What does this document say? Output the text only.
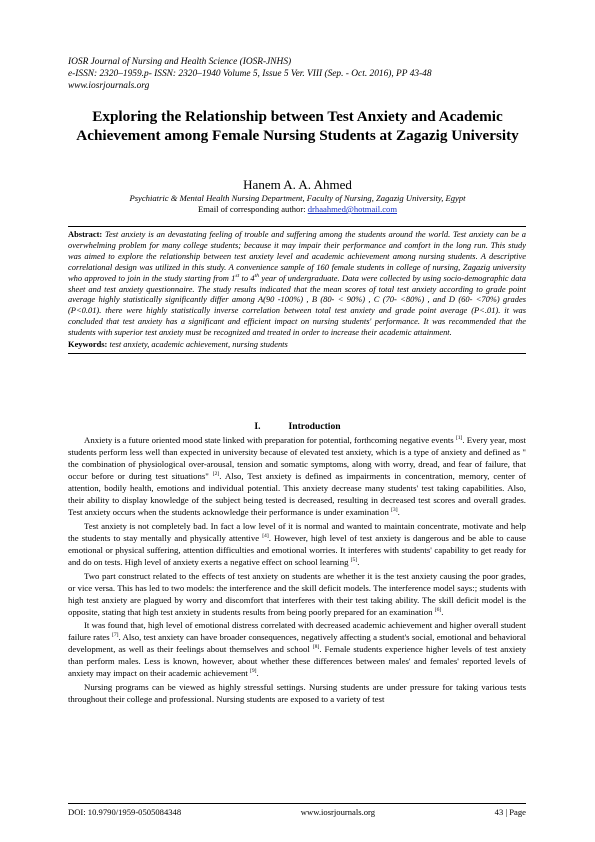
IOSR Journal of Nursing and Health Science (IOSR-JNHS)
e-ISSN: 2320–1959.p- ISSN: 2320–1940 Volume 5, Issue 5 Ver. VIII (Sep. - Oct. 2016), PP 43-48
www.iosrjournals.org
Exploring the Relationship between Test Anxiety and Academic Achievement among Female Nursing Students at Zagazig University
Hanem A. A. Ahmed
Psychiatric & Mental Health Nursing Department, Faculty of Nursing, Zagazig University, Egypt
Email of corresponding author: drhaahmed@hotmail.com
Abstract: Test anxiety is an devastating feeling of trouble and suffering among the students around the world. Test anxiety can be a overwhelming problem for many college students; because it may impair their performance and comfort in the long run. This study was aimed to explore the relationship between test anxiety level and academic achievement among nursing students. A descriptive correlational design was utilized in this study. A convenience sample of 160 female students in college of nursing, Zagazig university who approved to join in the study starting from 1st to 4th year of undergraduate. Data were collected by using socio-demographic data sheet and test anxiety questionnaire. The study results indicated that the mean scores of total test anxiety according to grade point average highly statistically significantly differ among A(90 -100%) , B (80- < 90%) , C (70- <80%) , and D (60- <70%) grades (P<0.01). there were highly statistically inverse correlation between total test anxiety and grade point average (P<.01). it was concluded that test anxiety has a significant and efficient impact on nursing students' performance. It was recommended that the students with superior test anxiety must be recognized and treated in order to increase their academic attainment.
Keywords: test anxiety, academic achievement, nursing students
I.	Introduction

Anxiety is a future oriented mood state linked with preparation for potential, forthcoming negative events [1]. Every year, most students perform less well than expected in university because of elevated test anxiety, which is a type of anxiety and defined as " the combination of physiological over-arousal, tension and somatic symptoms, along with worry, dread, and fear of failure, that occur before or during test situations" [2]. Also, Test anxiety is defined as impairments in concentration, memory, center of attention, bodily health, emotions and individual potential. This anxiety decrease many students' test taking capabilities. Also, their ability to display knowledge of the subject being tested is decreased, resulting in decreased test scores and overall grades. Test anxiety occurs when the students acknowledge their performance is under examination [3].

Test anxiety is not completely bad. In fact a low level of it is normal and wanted to maintain concentrate, motivate and help the students to stay mentally and physically attentive [4]. However, high level of test anxiety is dangerous and be able to cause emotional or physical suffering, attention difficulties and emotional worries. It interferes with students' capability to get ready for and do on tests. High level of anxiety exerts a negative effect on school learning [5].

Two part construct related to the effects of test anxiety on students are whether it is the test anxiety causing the poor grades, or vice versa. This has led to two models: the interference and the skill deficit models. The interference model says:; students with high test anxiety are plagued by worry and discomfort that interferes with their test taking ability. The skill deficit model is the opposite, stating that high test anxiety in students results from being poorly prepared for an examination [6].

It was found that, high level of emotional distress correlated with decreased academic achievement and higher overall student failure rates [7]. Also, test anxiety can have broader consequences, negatively affecting a student's social, emotional and behavioral development, as well as their feelings about themselves and school [8]. Female students experience higher levels of test anxiety than perform males. Less is known, however, about whether these differences between males' and females' reported levels of anxiety may impact on their academic achievement [9].

Nursing programs can be viewed as highly stressful settings. Nursing students are under pressure for taking various tests throughout their college and professional. Nursing students are exposed to a variety of test

DOI: 10.9790/1959-0505084348	www.iosrjournals.org	43 | Page
